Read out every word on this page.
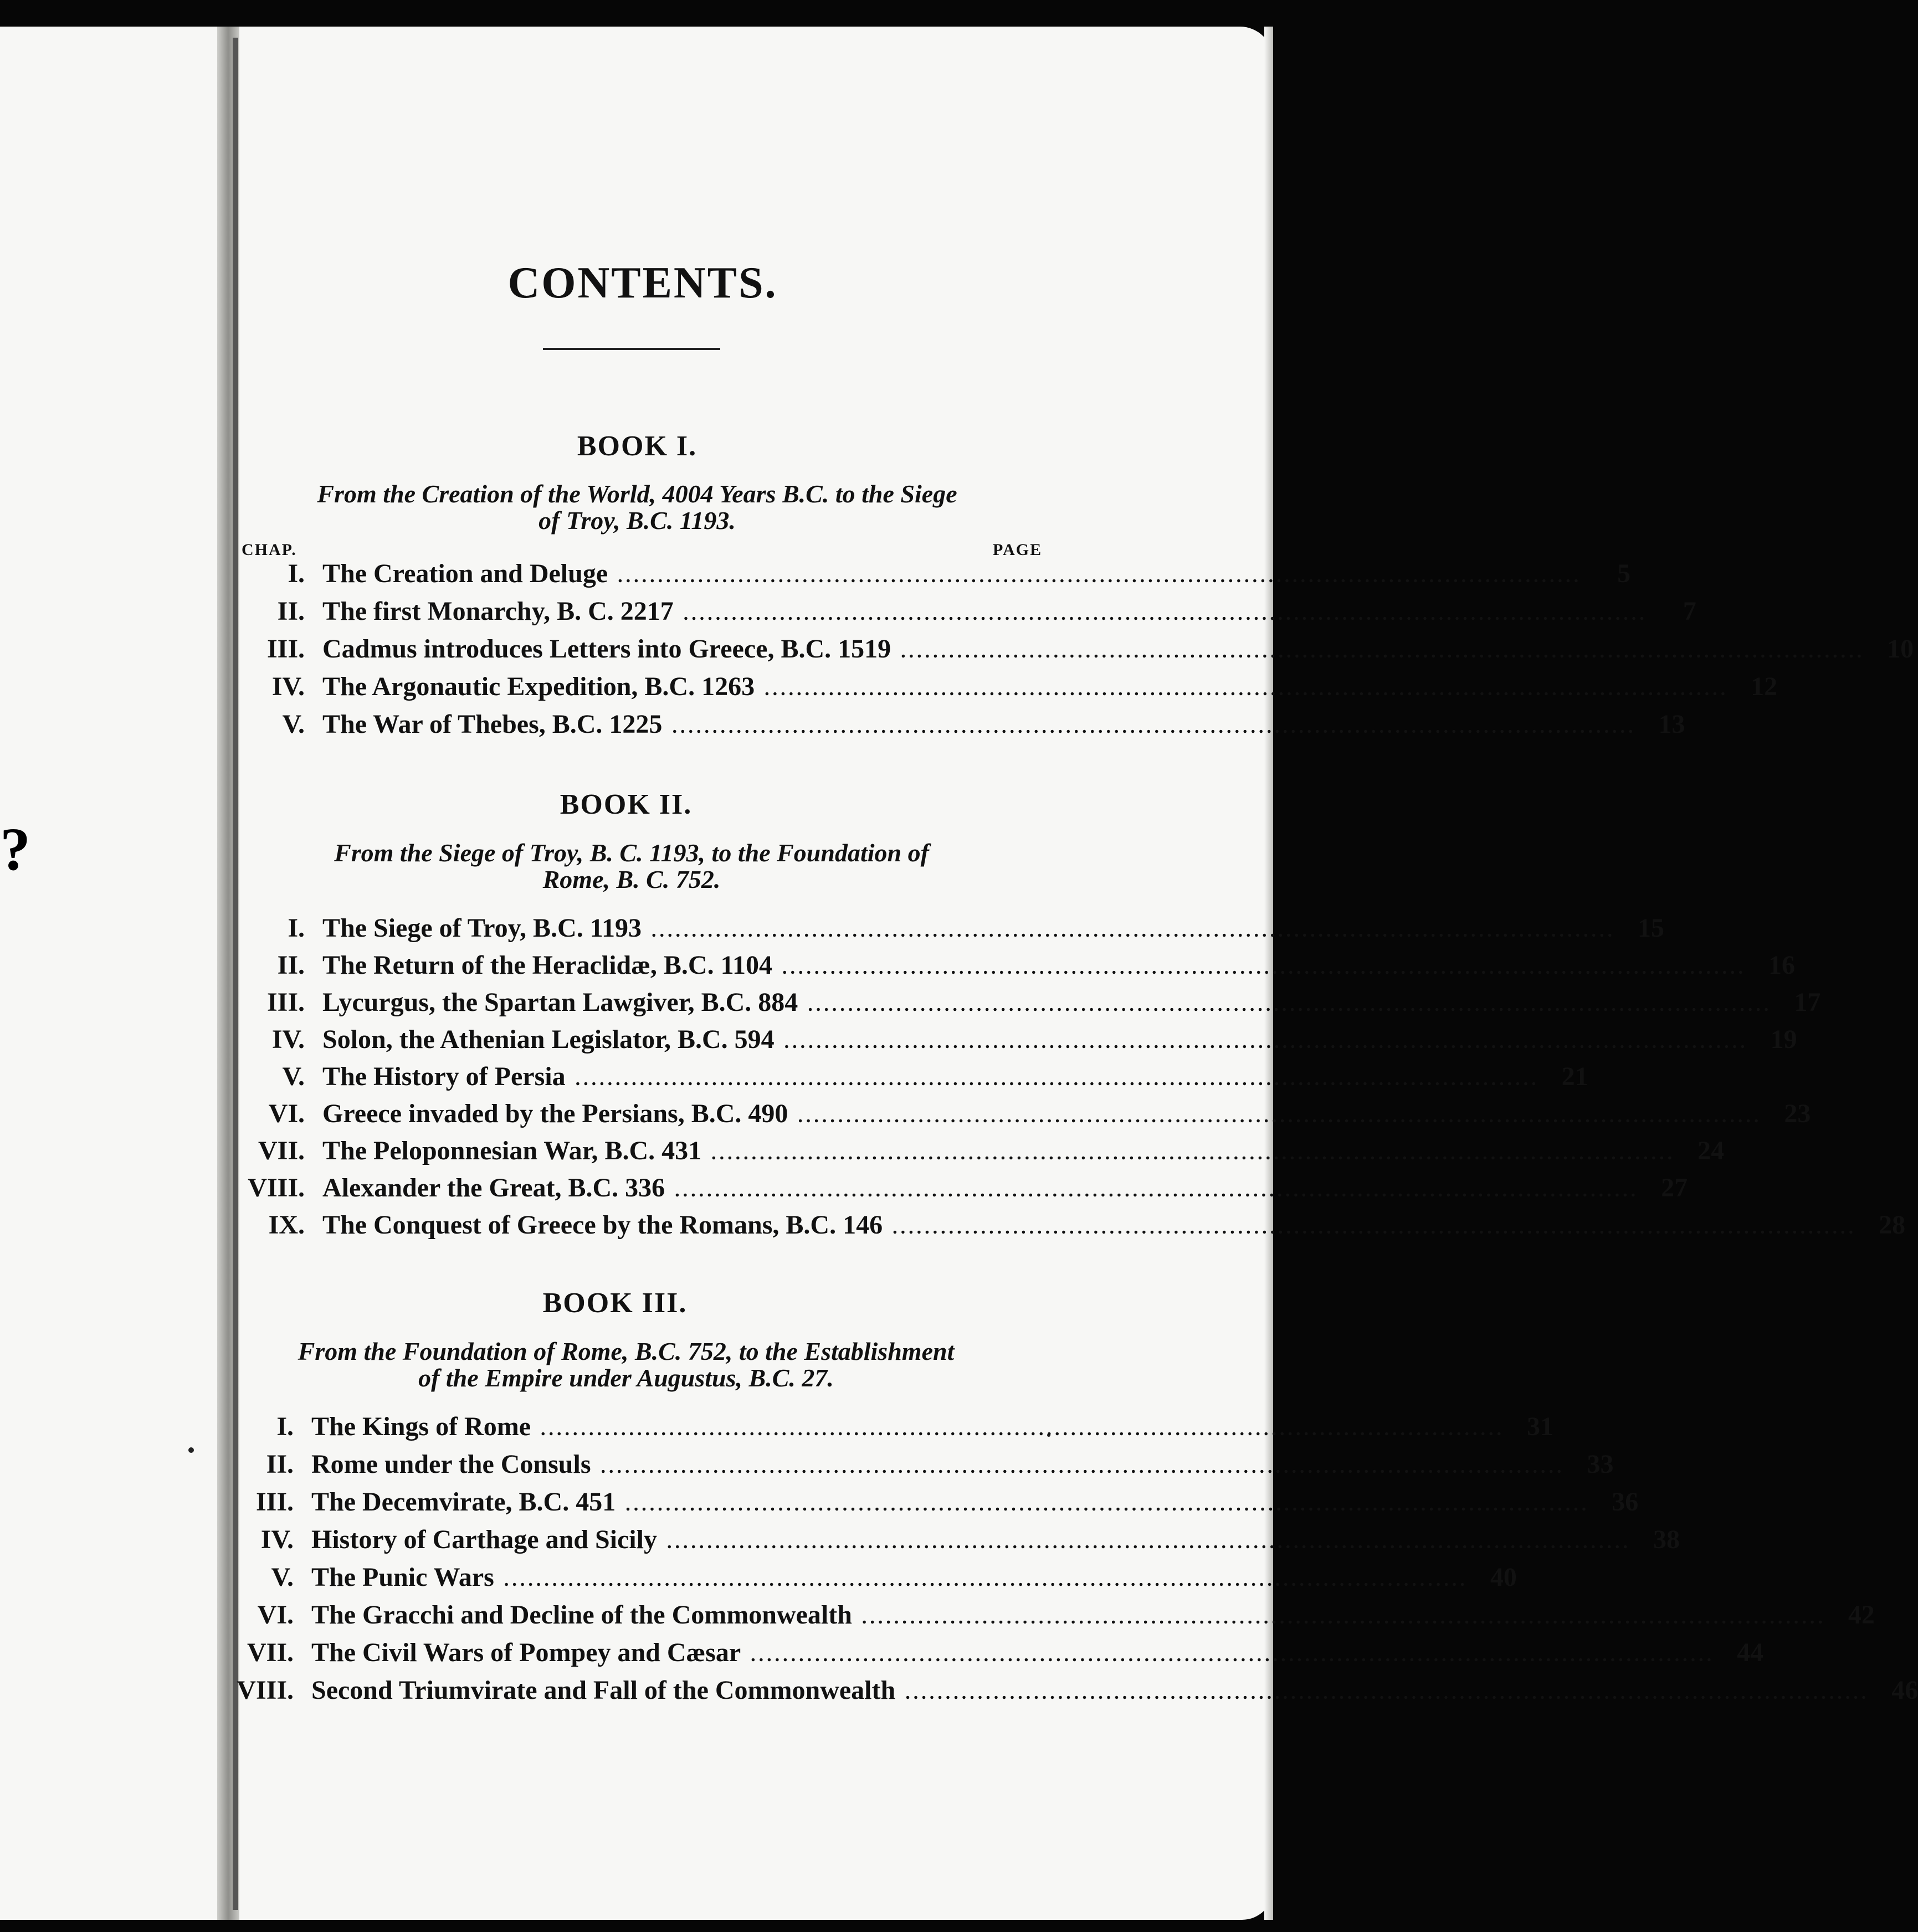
CONTENTS.
BOOK I.
From the Creation of the World, 4004 Years B.C. to the Siege
of Troy, B.C. 1193.
CHAP.	PAGE
I. The Creation and Deluge ........................................................................................................................	5
II. The first Monarchy, B. C. 2217 ........................................................................................................................	7
III. Cadmus introduces Letters into Greece, B.C. 1519 ........................................................................................................................ 10
IV. The Argonautic Expedition, B.C. 1263 ........................................................................................................................ 12
V. The War of Thebes, B.C. 1225 ........................................................................................................................ 13
BOOK II.
From the Siege of Troy, B. C. 1193, to the Foundation of
Rome, B. C. 752.
I. The Siege of Troy, B.C. 1193 ........................................................................................................................ 15
II. The Return of the Heraclidæ, B.C. 1104 ........................................................................................................................ 16
III. Lycurgus, the Spartan Lawgiver, B.C. 884 ........................................................................................................................ 17
IV. Solon, the Athenian Legislator, B.C. 594 ........................................................................................................................ 19
V. The History of Persia ........................................................................................................................ 21
VI. Greece invaded by the Persians, B.C. 490 ........................................................................................................................ 23
VII. The Peloponnesian War, B.C. 431 ........................................................................................................................ 24
VIII. Alexander the Great, B.C. 336 ........................................................................................................................ 27
IX. The Conquest of Greece by the Romans, B.C. 146 ........................................................................................................................ 28
BOOK III.
From the Foundation of Rome, B.C. 752, to the Establishment
of the Empire under Augustus, B.C. 27.
I. The Kings of Rome ........................................................................................................................ 31
II. Rome under the Consuls ........................................................................................................................ 33
III. The Decemvirate, B.C. 451 ........................................................................................................................ 36
IV. History of Carthage and Sicily ........................................................................................................................ 38
V. The Punic Wars ........................................................................................................................ 40
VI. The Gracchi and Decline of the Commonwealth ........................................................................................................................ 42
VII. The Civil Wars of Pompey and Cæsar ........................................................................................................................ 44
VIII. Second Triumvirate and Fall of the Commonwealth ........................................................................................................................ 46
?
